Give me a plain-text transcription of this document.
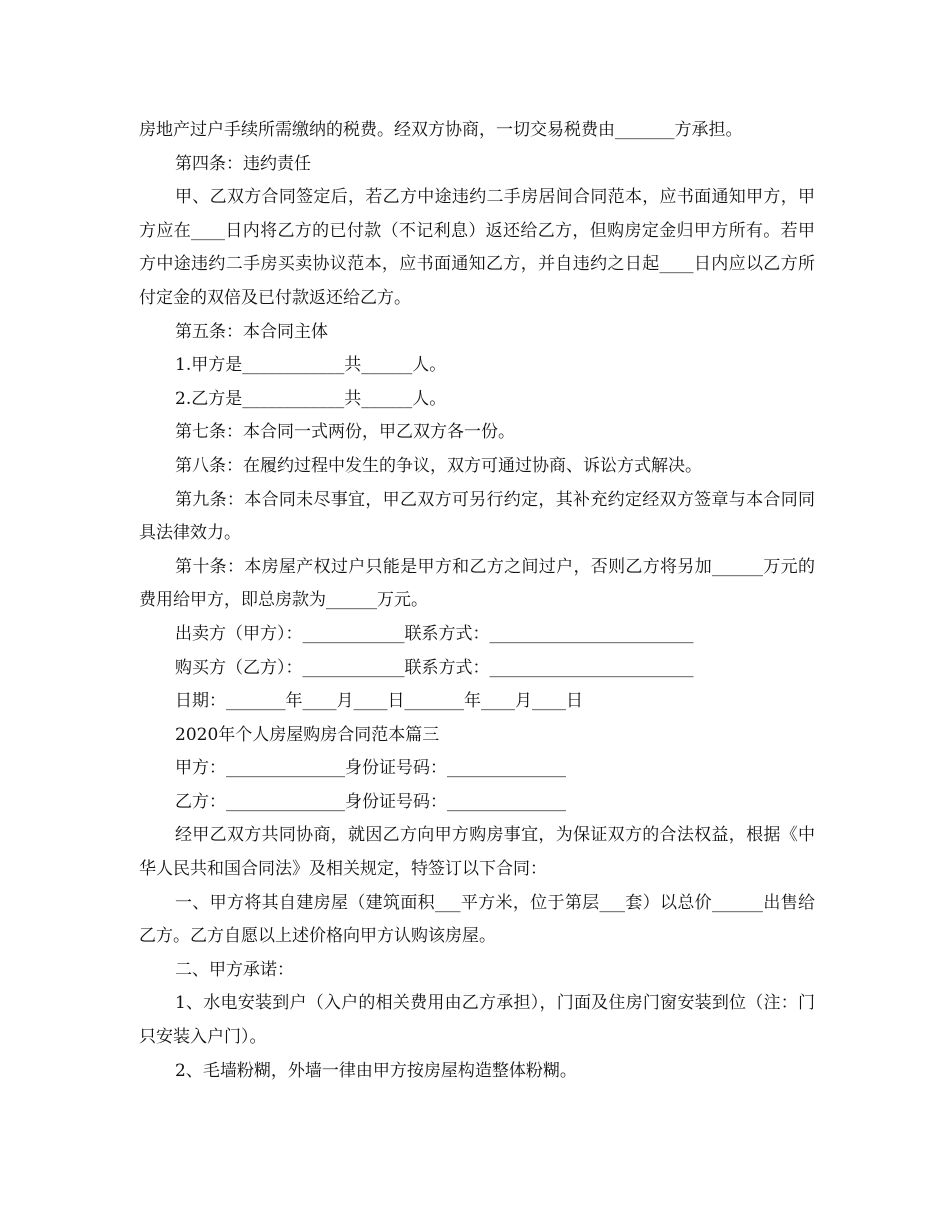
房地产过户手续所需缴纳的税费。经双方协商，一切交易税费由_______方承担。

第四条：违约责任

甲、乙双方合同签定后，若乙方中途违约二手房居间合同范本，应书面通知甲方，甲方应在____日内将乙方的已付款（不记利息）返还给乙方，但购房定金归甲方所有。若甲方中途违约二手房买卖协议范本，应书面通知乙方，并自违约之日起____日内应以乙方所付定金的双倍及已付款返还给乙方。

第五条：本合同主体

1.甲方是____________共______人。

2.乙方是____________共______人。

第七条：本合同一式两份，甲乙双方各一份。

第八条：在履约过程中发生的争议，双方可通过协商、诉讼方式解决。

第九条：本合同未尽事宜，甲乙双方可另行约定，其补充约定经双方签章与本合同同具法律效力。

第十条：本房屋产权过户只能是甲方和乙方之间过户，否则乙方将另加______万元的费用给甲方，即总房款为______万元。

出卖方（甲方）：____________联系方式：________________________

购买方（乙方）：____________联系方式：________________________

日期：_______年____月____日_______年____月____日

2020年个人房屋购房合同范本篇三

甲方：______________身份证号码：______________

乙方：______________身份证号码：______________

经甲乙双方共同协商，就因乙方向甲方购房事宜，为保证双方的合法权益，根据《中华人民共和国合同法》及相关规定，特签订以下合同：

一、甲方将其自建房屋（建筑面积___平方米，位于第层___套）以总价______出售给乙方。乙方自愿以上述价格向甲方认购该房屋。

二、甲方承诺：

1、水电安装到户（入户的相关费用由乙方承担），门面及住房门窗安装到位（注：门只安装入户门）。

2、毛墙粉糊，外墙一律由甲方按房屋构造整体粉糊。
